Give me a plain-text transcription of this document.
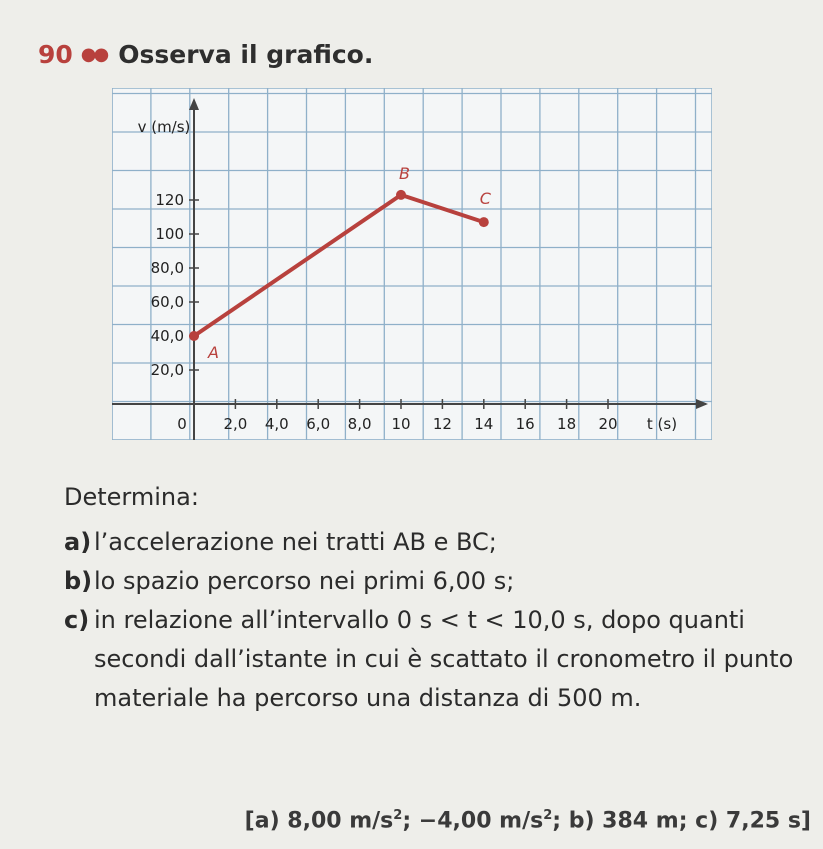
90 ●● Osserva il grafico.
0 2,0 4,0 6,0 8,0 10 12 14 16 18 20
20,0
40,0
60,0
80,0
100
120
t (s)
v (m/s)
A
B
C
Determina:
a) l’accelerazione nei tratti AB e BC;
b) lo spazio percorso nei primi 6,00 s;
c) in relazione all’intervallo 0 s < t < 10,0 s, dopo quanti secondi dall’istante in cui è scattato il cronometro il punto materiale ha percorso una distanza di 500 m.
[a) 8,00 $m/s^2$; −4,00 $m/s^2$; b) 384 m; c) 7,25 s]
